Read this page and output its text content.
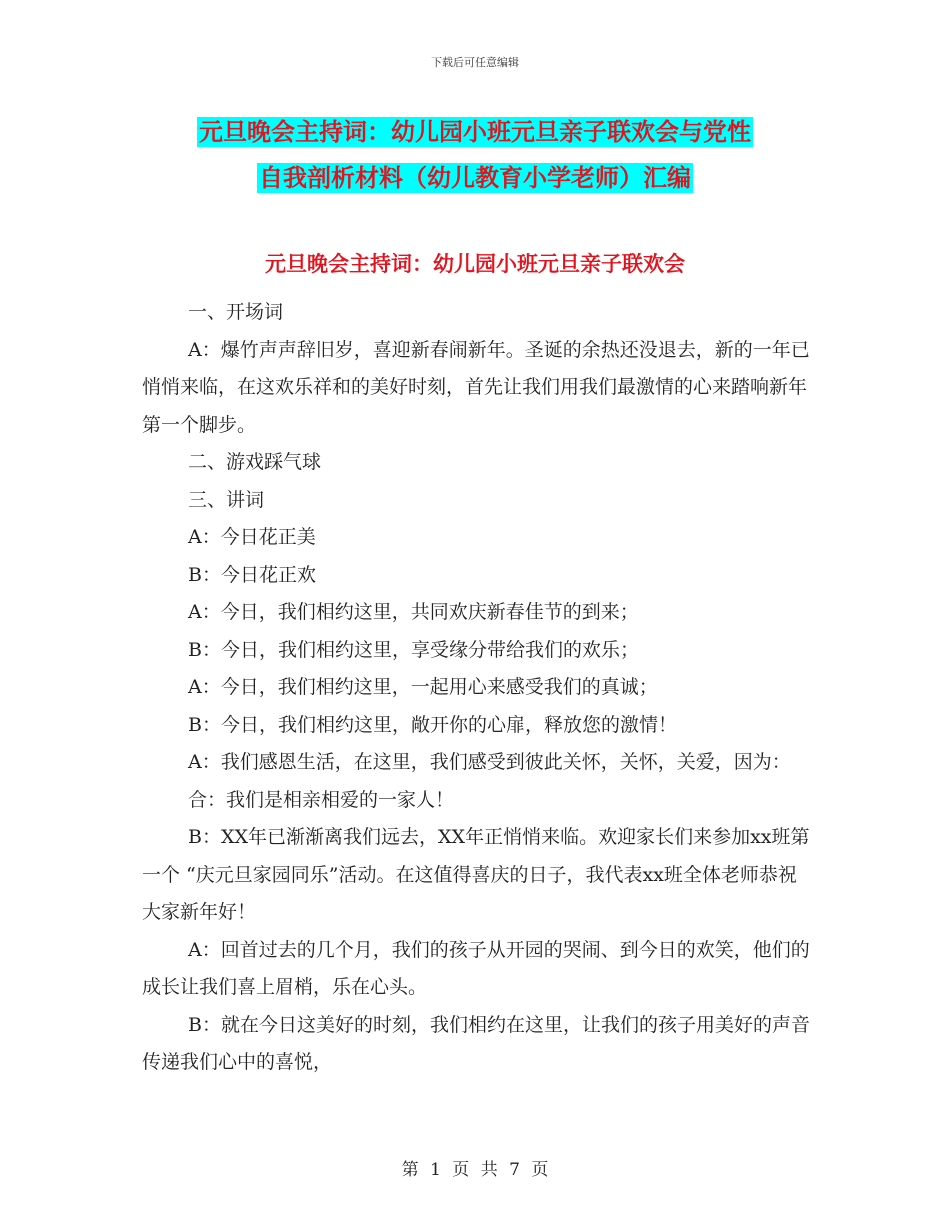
下载后可任意编辑
元旦晚会主持词：幼儿园小班元旦亲子联欢会与党性
自我剖析材料（幼儿教育小学老师）汇编
元旦晚会主持词：幼儿园小班元旦亲子联欢会

一、开场词

A：爆竹声声辞旧岁，喜迎新春闹新年。圣诞的余热还没退去，新的一年已悄悄来临，在这欢乐祥和的美好时刻，首先让我们用我们最激情的心来踏响新年第一个脚步。

二、游戏踩气球

三、讲词

A：今日花正美

B：今日花正欢

A：今日，我们相约这里，共同欢庆新春佳节的到来；

B：今日，我们相约这里，享受缘分带给我们的欢乐；

A：今日，我们相约这里，一起用心来感受我们的真诚；

B：今日，我们相约这里，敞开你的心扉，释放您的激情！

A：我们感恩生活，在这里，我们感受到彼此关怀，关怀，关爱，因为：

合：我们是相亲相爱的一家人！

B：XX年已渐渐离我们远去，XX年正悄悄来临。欢迎家长们来参加xx班第一个 “庆元旦家园同乐”活动。在这值得喜庆的日子，我代表xx班全体老师恭祝大家新年好！

A：回首过去的几个月，我们的孩子从开园的哭闹、到今日的欢笑，他们的成长让我们喜上眉梢，乐在心头。

B：就在今日这美好的时刻，我们相约在这里，让我们的孩子用美好的声音传递我们心中的喜悦，

第 1 页 共 7 页
